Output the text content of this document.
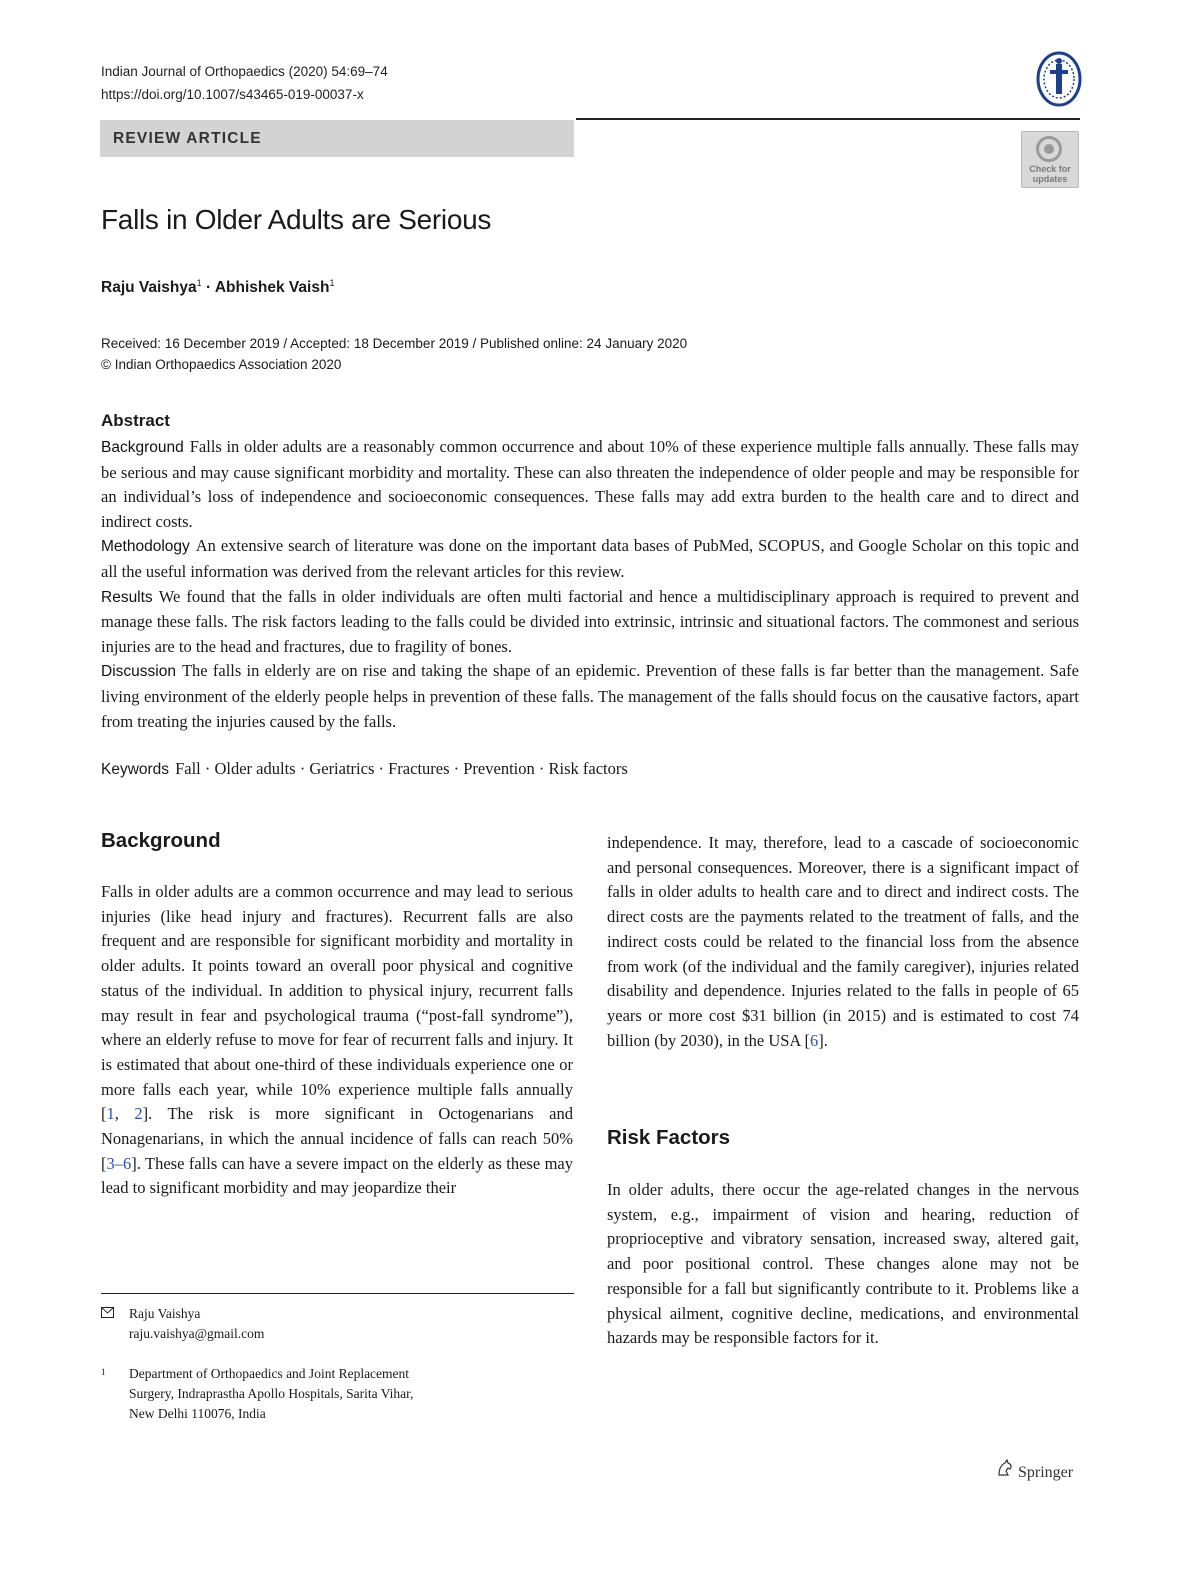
Indian Journal of Orthopaedics (2020) 54:69–74
https://doi.org/10.1007/s43465-019-00037-x
REVIEW ARTICLE
Check for updates
Falls in Older Adults are Serious
Raju Vaishya$^1$ · Abhishek Vaish$^1$
Received: 16 December 2019 / Accepted: 18 December 2019 / Published online: 24 January 2020
© Indian Orthopaedics Association 2020
Abstract

Background Falls in older adults are a reasonably common occurrence and about 10% of these experience multiple falls annually. These falls may be serious and may cause significant morbidity and mortality. These can also threaten the independence of older people and may be responsible for an individual’s loss of independence and socioeconomic consequences. These falls may add extra burden to the health care and to direct and indirect costs.

Methodology An extensive search of literature was done on the important data bases of PubMed, SCOPUS, and Google Scholar on this topic and all the useful information was derived from the relevant articles for this review.

Results We found that the falls in older individuals are often multi factorial and hence a multidisciplinary approach is required to prevent and manage these falls. The risk factors leading to the falls could be divided into extrinsic, intrinsic and situational factors. The commonest and serious injuries are to the head and fractures, due to fragility of bones.

Discussion The falls in elderly are on rise and taking the shape of an epidemic. Prevention of these falls is far better than the management. Safe living environment of the elderly people helps in prevention of these falls. The management of the falls should focus on the causative factors, apart from treating the injuries caused by the falls.

Keywords Fall · Older adults · Geriatrics · Fractures · Prevention · Risk factors
Background

Falls in older adults are a common occurrence and may lead to serious injuries (like head injury and fractures). Recurrent falls are also frequent and are responsible for significant morbidity and mortality in older adults. It points toward an overall poor physical and cognitive status of the individual. In addition to physical injury, recurrent falls may result in fear and psychological trauma (“post-fall syndrome”), where an elderly refuse to move for fear of recurrent falls and injury. It is estimated that about one-third of these individuals experience one or more falls each year, while 10% experience multiple falls annually [1, 2]. The risk is more significant in Octogenarians and Nonagenarians, in which the annual incidence of falls can reach 50% [3–6]. These falls can have a severe impact on the elderly as these may lead to significant morbidity and may jeopardize their

Raju Vaishya
raju.vaishya@gmail.com
1 Department of Orthopaedics and Joint Replacement
Surgery, Indraprastha Apollo Hospitals, Sarita Vihar,
New Delhi 110076, India

independence. It may, therefore, lead to a cascade of socioeconomic and personal consequences. Moreover, there is a significant impact of falls in older adults to health care and to direct and indirect costs. The direct costs are the payments related to the treatment of falls, and the indirect costs could be related to the financial loss from the absence from work (of the individual and the family caregiver), injuries related disability and dependence. Injuries related to the falls in people of 65 years or more cost $31 billion (in 2015) and is estimated to cost 74 billion (by 2030), in the USA [6].

Risk Factors

In older adults, there occur the age-related changes in the nervous system, e.g., impairment of vision and hearing, reduction of proprioceptive and vibratory sensation, increased sway, altered gait, and poor positional control. These changes alone may not be responsible for a fall but significantly contribute to it. Problems like a physical ailment, cognitive decline, medications, and environmental hazards may be responsible factors for it.

Springer
